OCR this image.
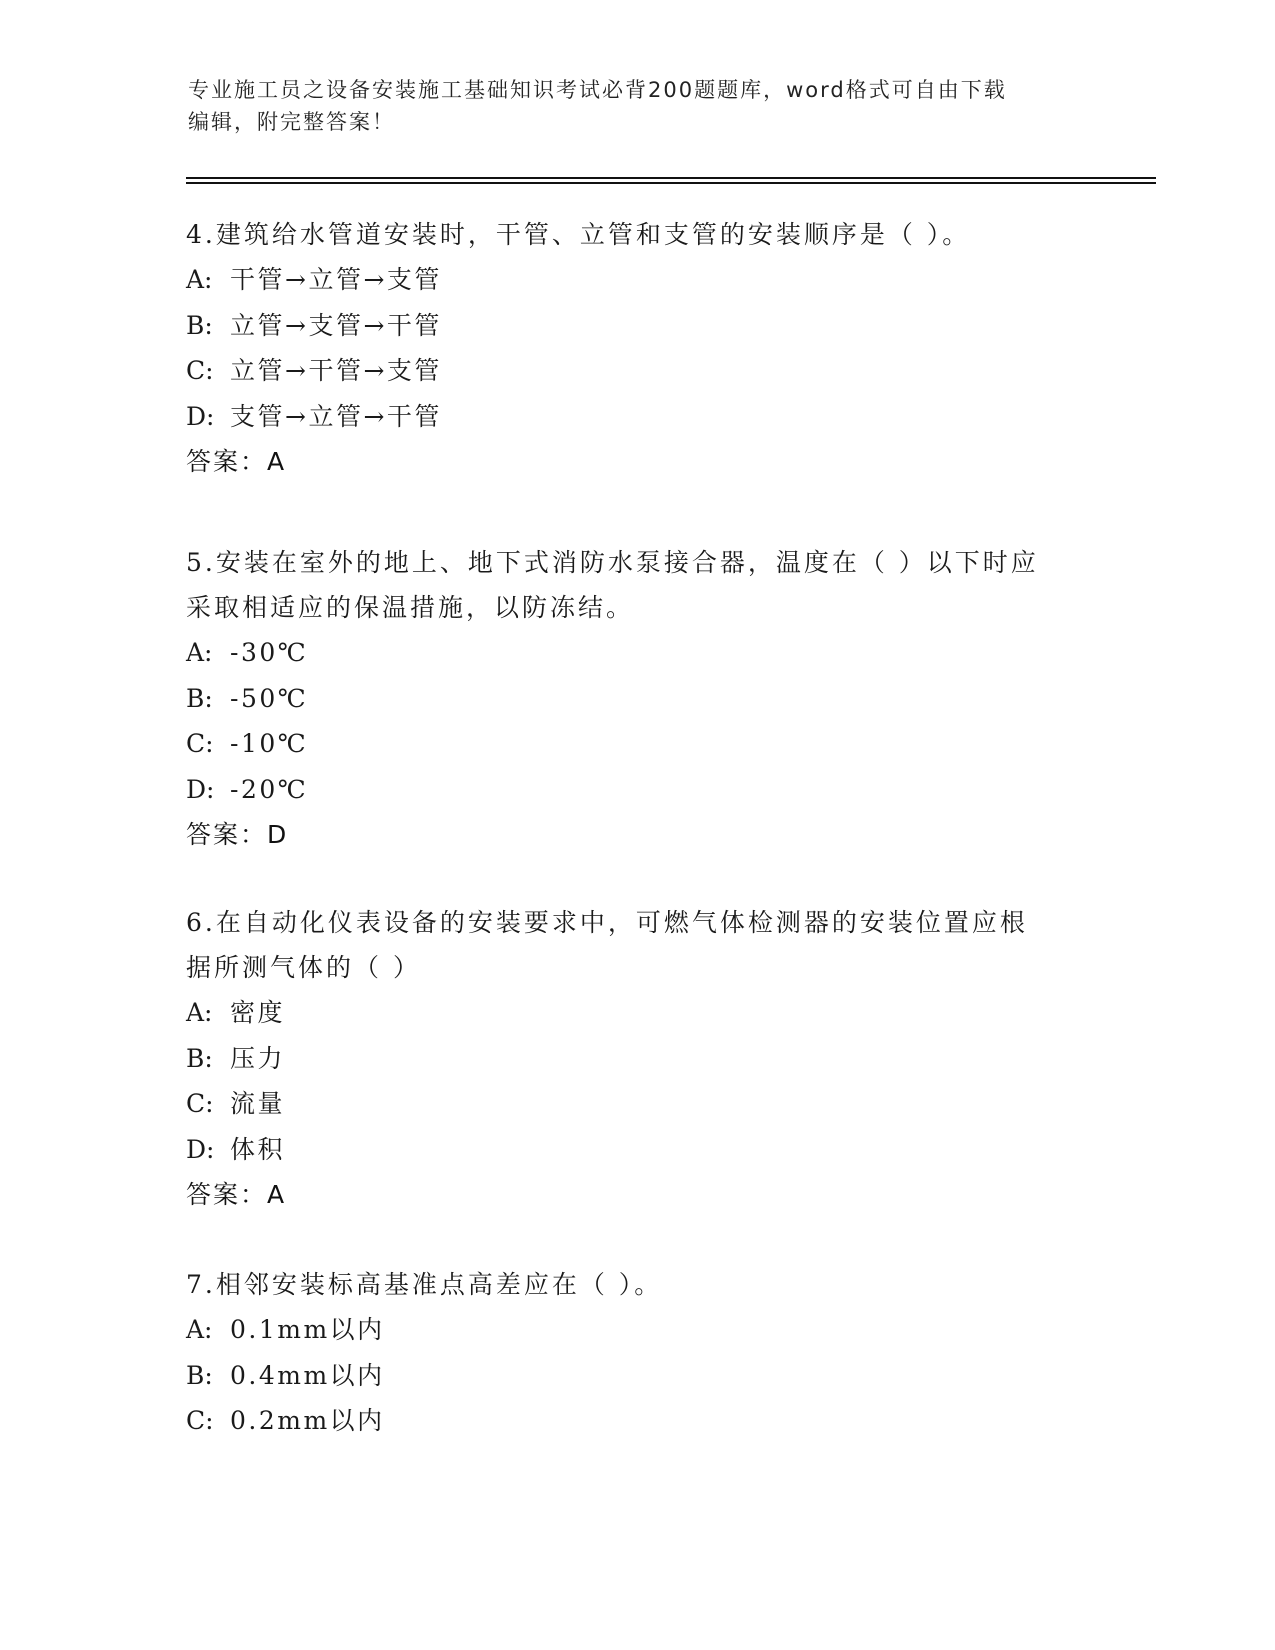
专业施工员之设备安装施工基础知识考试必背200题题库，word格式可自由下载
编辑，附完整答案！
4.建筑给水管道安装时，干管、立管和支管的安装顺序是（ ）。
A: 干管→立管→支管
B: 立管→支管→干管
C: 立管→干管→支管
D: 支管→立管→干管
答案：A
5.安装在室外的地上、地下式消防水泵接合器，温度在（ ）以下时应
采取相适应的保温措施，以防冻结。
A: -30℃
B: -50℃
C: -10℃
D: -20℃
答案：D
6.在自动化仪表设备的安装要求中，可燃气体检测器的安装位置应根
据所测气体的（ ）
A: 密度
B: 压力
C: 流量
D: 体积
答案：A
7.相邻安装标高基准点高差应在（ ）。
A: 0.1mm以内
B: 0.4mm以内
C: 0.2mm以内
